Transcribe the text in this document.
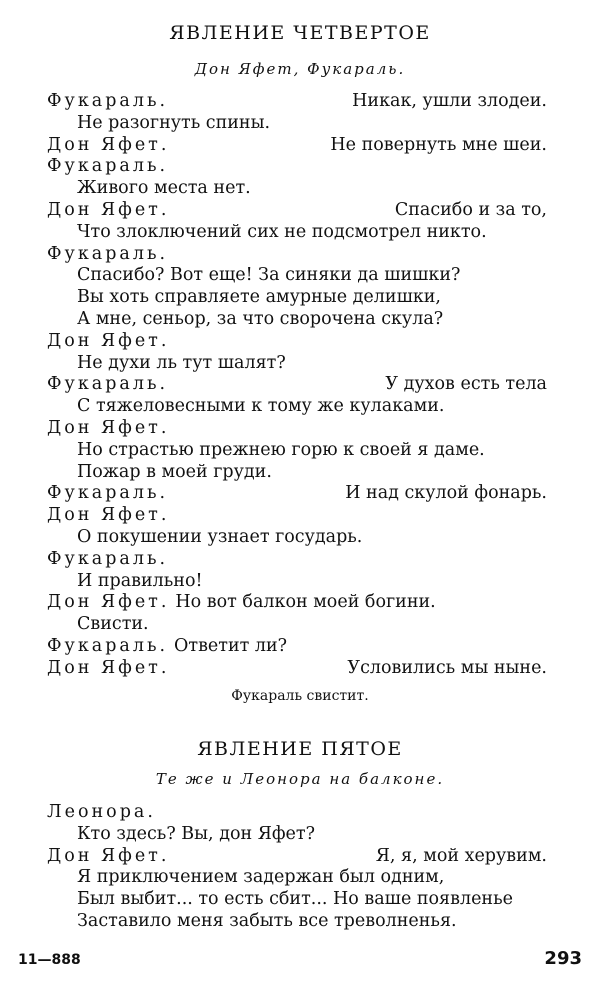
ЯВЛЕНИЕ ЧЕТВЕРТОЕ
Дон Яфет, Фукараль.
Фукараль.	Никак, ушли злодеи.
Не разогнуть спины.
Дон Яфет.	Не повернуть мне шеи.
Фукараль.
Живого места нет.
Дон Яфет.	Спасибо и за то,
Что злоключений сих не подсмотрел никто.
Фукараль.
Спасибо? Вот еще! За синяки да шишки?
Вы хоть справляете амурные делишки,
А мне, сеньор, за что сворочена скула?
Дон Яфет.
Не духи ль тут шалят?
Фукараль.	У духов есть тела
С тяжеловесными к тому же кулаками.
Дон Яфет.
Но страстью прежнею горю к своей я даме.
Пожар в моей груди.
Фукараль.	И над скулой фонарь.
Дон Яфет.
О покушении узнает государь.
Фукараль.
И правильно!
Дон Яфет. Но вот балкон моей богини.
Свисти.
Фукараль. Ответит ли?
Дон Яфет.	Условились мы ныне.
Фукараль свистит.
ЯВЛЕНИЕ ПЯТОЕ
Те же и Леонора на балконе.
Леонора.
Кто здесь? Вы, дон Яфет?
Дон Яфет.	Я, я, мой херувим.
Я приключением задержан был одним,
Был выбит... то есть сбит... Но ваше появленье
Заставило меня забыть все треволненья.
11—888	293
